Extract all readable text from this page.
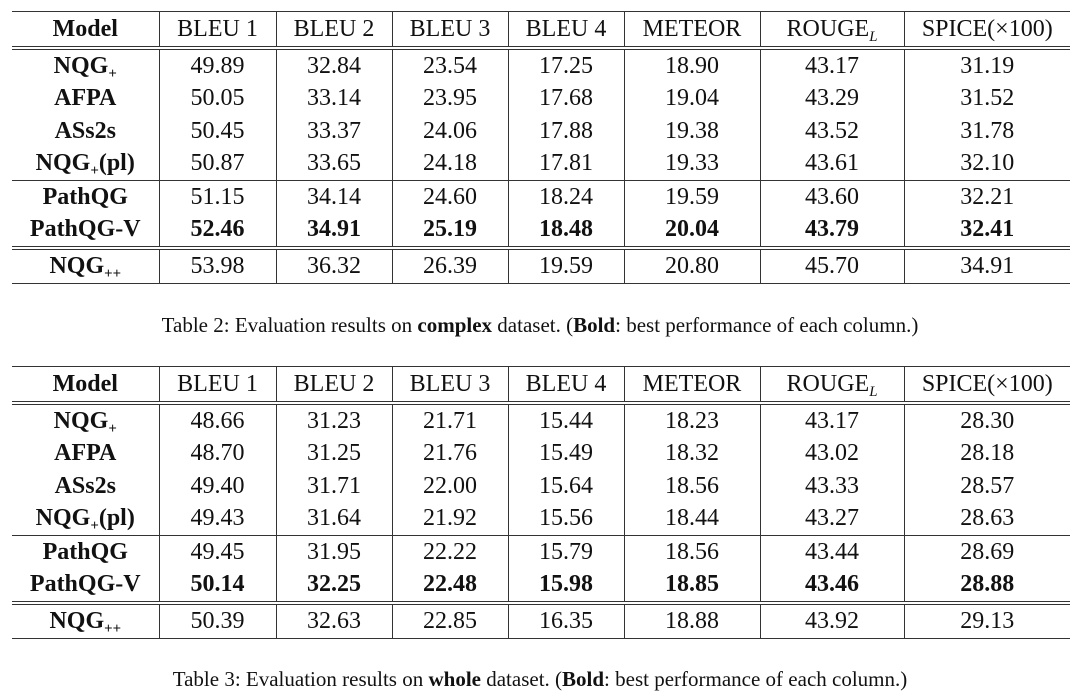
Model	BLEU 1	BLEU 2	BLEU 3	BLEU 4	METEOR	$ROUGE_L$	SPICE(×100)
$NQG_+$	49.89	32.84	23.54	17.25	18.90	43.17	31.19
AFPA	50.05	33.14	23.95	17.68	19.04	43.29	31.52
ASs2s	50.45	33.37	24.06	17.88	19.38	43.52	31.78
$NQG_+(pl)$	50.87	33.65	24.18	17.81	19.33	43.61	32.10
PathQG	51.15	34.14	24.60	18.24	19.59	43.60	32.21
PathQG-V	52.46	34.91	25.19	18.48	20.04	43.79	32.41
$NQG_{++}$	53.98	36.32	26.39	19.59	20.80	45.70	34.91
Table 2: Evaluation results on complex dataset. (Bold: best performance of each column.)
Model	BLEU 1	BLEU 2	BLEU 3	BLEU 4	METEOR	$ROUGE_L$	SPICE(×100)
$NQG_+$	48.66	31.23	21.71	15.44	18.23	43.17	28.30
AFPA	48.70	31.25	21.76	15.49	18.32	43.02	28.18
ASs2s	49.40	31.71	22.00	15.64	18.56	43.33	28.57
$NQG_+(pl)$	49.43	31.64	21.92	15.56	18.44	43.27	28.63
PathQG	49.45	31.95	22.22	15.79	18.56	43.44	28.69
PathQG-V	50.14	32.25	22.48	15.98	18.85	43.46	28.88
$NQG_{++}$	50.39	32.63	22.85	16.35	18.88	43.92	29.13
Table 3: Evaluation results on whole dataset. (Bold: best performance of each column.)
